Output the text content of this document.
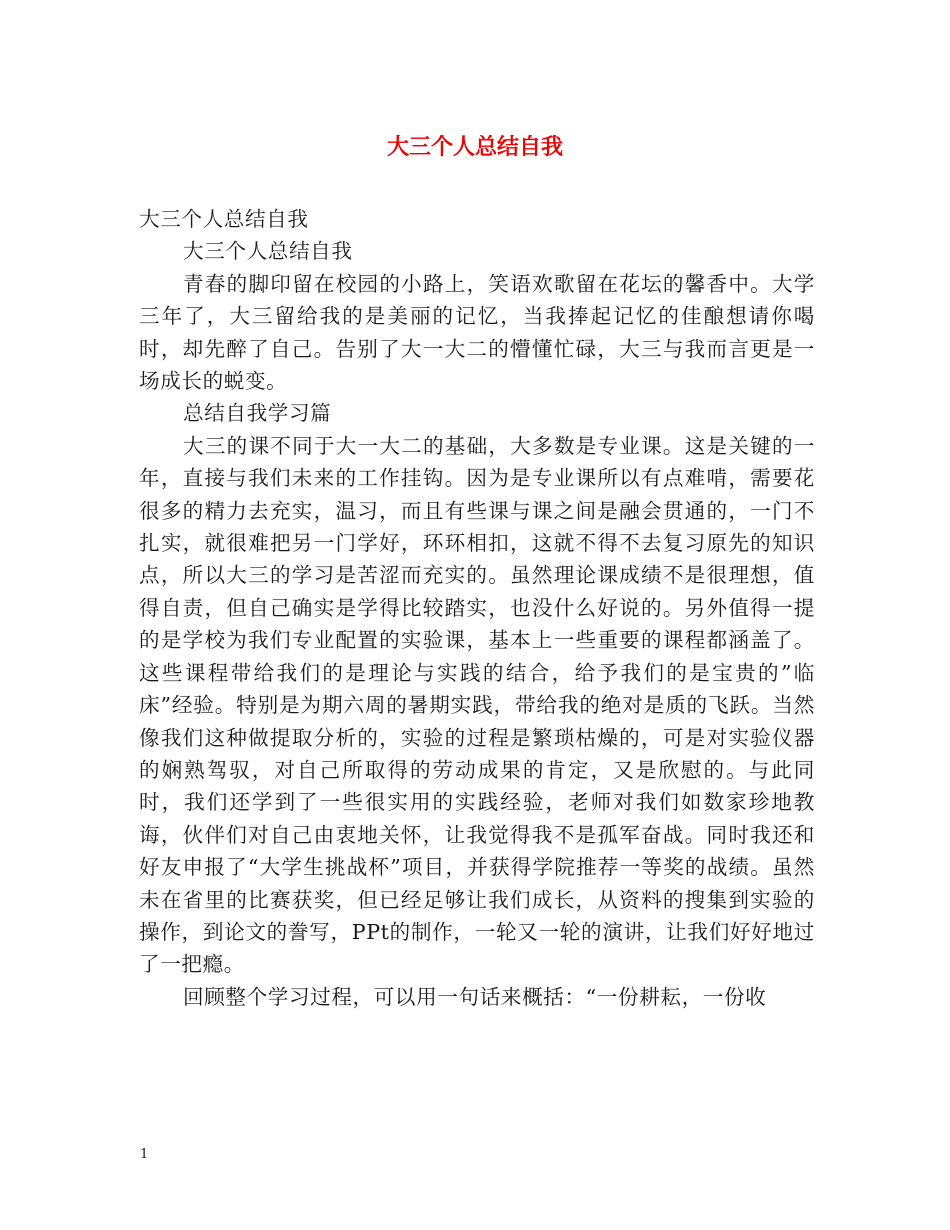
大三个人总结自我

大三个人总结自我

大三个人总结自我

青春的脚印留在校园的小路上，笑语欢歌留在花坛的馨香中。大学三年了，大三留给我的是美丽的记忆，当我捧起记忆的佳酿想请你喝时，却先醉了自己。告别了大一大二的懵懂忙碌，大三与我而言更是一场成长的蜕变。

总结自我学习篇

大三的课不同于大一大二的基础，大多数是专业课。这是关键的一年，直接与我们未来的工作挂钩。因为是专业课所以有点难啃，需要花很多的精力去充实，温习，而且有些课与课之间是融会贯通的，一门不扎实，就很难把另一门学好，环环相扣，这就不得不去复习原先的知识点，所以大三的学习是苦涩而充实的。虽然理论课成绩不是很理想，值得自责，但自己确实是学得比较踏实，也没什么好说的。另外值得一提的是学校为我们专业配置的实验课，基本上一些重要的课程都涵盖了。这些课程带给我们的是理论与实践的结合，给予我们的是宝贵的”临床”经验。特别是为期六周的暑期实践，带给我的绝对是质的飞跃。当然像我们这种做提取分析的，实验的过程是繁琐枯燥的，可是对实验仪器的娴熟驾驭，对自己所取得的劳动成果的肯定，又是欣慰的。与此同时，我们还学到了一些很实用的实践经验，老师对我们如数家珍地教诲，伙伴们对自己由衷地关怀，让我觉得我不是孤军奋战。同时我还和好友申报了“大学生挑战杯”项目，并获得学院推荐一等奖的战绩。虽然未在省里的比赛获奖，但已经足够让我们成长，从资料的搜集到实验的操作，到论文的誊写，PPt的制作，一轮又一轮的演讲，让我们好好地过了一把瘾。

回顾整个学习过程，可以用一句话来概括：“一份耕耘，一份收

1
